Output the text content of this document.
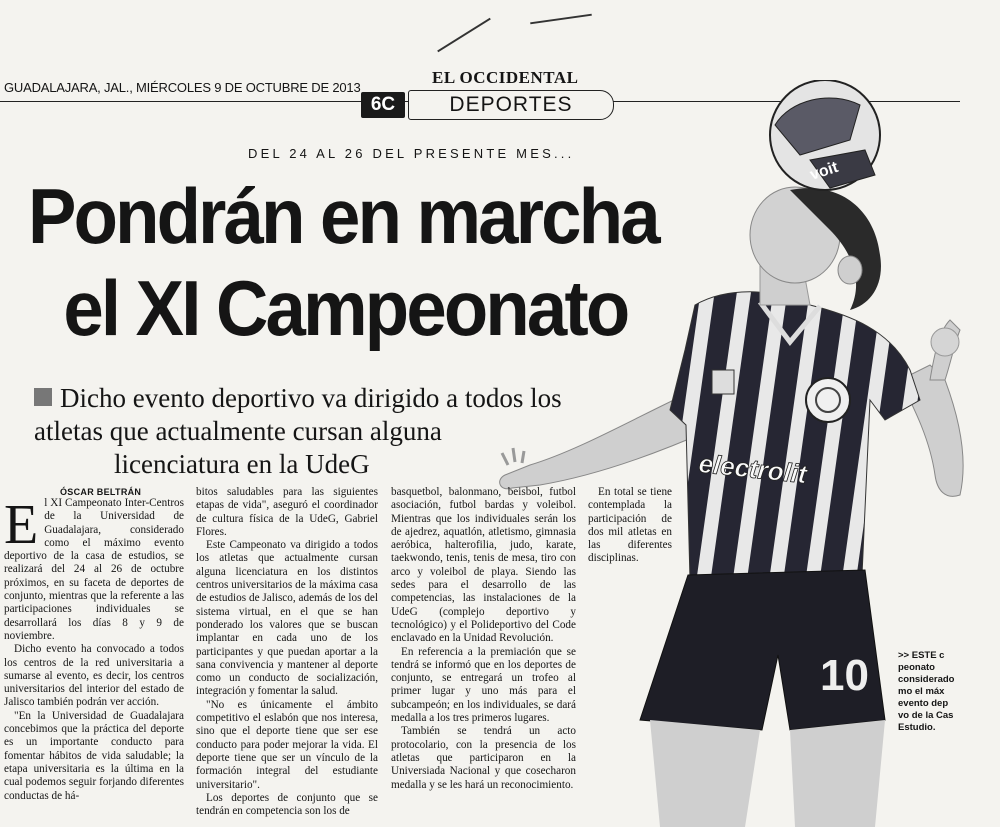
GUADALAJARA, JAL., MIÉRCOLES 9 DE OCTUBRE DE 2013
EL OCCIDENTAL
DEPORTES
6C
electrolit
10
voit
DEL 24 AL 26 DEL PRESENTE MES...
Pondrán en marcha
el XI Campeonato
Dicho evento deportivo va dirigido a todos los
atletas que actualmente cursan alguna
licenciatura en la UdeG
ÓSCAR BELTRÁN
E l XI Campeonato Inter-Centros de la Universidad de Guadalajara, considerado como el máximo evento deportivo de la casa de estudios, se realizará del 24 al 26 de octubre próximos, en su faceta de deportes de conjunto, mientras que la referente a las participaciones individuales se desarrollará los días 8 y 9 de noviembre.

Dicho evento ha convocado a todos los centros de la red universitaria a sumarse al evento, es decir, los centros universitarios del interior del estado de Jalisco también podrán ver acción.

"En la Universidad de Guadalajara concebimos que la práctica del deporte es un importante conducto para fomentar hábitos de vida saludable; la etapa universitaria es la última en la cual podemos seguir forjando diferentes conductas de há-

bitos saludables para las siguientes etapas de vida", aseguró el coordinador de cultura física de la UdeG, Gabriel Flores.

Este Campeonato va dirigido a todos los atletas que actualmente cursan alguna licenciatura en los distintos centros universitarios de la máxima casa de estudios de Jalisco, además de los del sistema virtual, en el que se han ponderado los valores que se buscan implantar en cada uno de los participantes y que puedan aportar a la sana convivencia y mantener al deporte como un conducto de socialización, integración y fomentar la salud.

"No es únicamente el ámbito competitivo el eslabón que nos interesa, sino que el deporte tiene que ser ese conducto para poder mejorar la vida. El deporte tiene que ser un vínculo de la formación integral del estudiante universitario".

Los deportes de conjunto que se tendrán en competencia son los de

basquetbol, balonmano, beisbol, futbol asociación, futbol bardas y voleibol. Mientras que los individuales serán los de ajedrez, aquatlón, atletismo, gimnasia aeróbica, halterofilia, judo, karate, taekwondo, tenis, tenis de mesa, tiro con arco y voleibol de playa. Siendo las sedes para el desarrollo de las competencias, las instalaciones de la UdeG (complejo deportivo y tecnológico) y el Polideportivo del Code enclavado en la Unidad Revolución.

En referencia a la premiación que se tendrá se informó que en los deportes de conjunto, se entregará un trofeo al primer lugar y uno más para el subcampeón; en los individuales, se dará medalla a los tres primeros lugares.

También se tendrá un acto protocolario, con la presencia de los atletas que participaron en la Universiada Nacional y que cosecharon medalla y se les hará un reconocimiento.

En total se tiene contemplada la participación de dos mil atletas en las diferentes disciplinas.

>> ESTE c
peonato
considerado
mo el máx
evento dep
vo de la Cas
Estudio.
